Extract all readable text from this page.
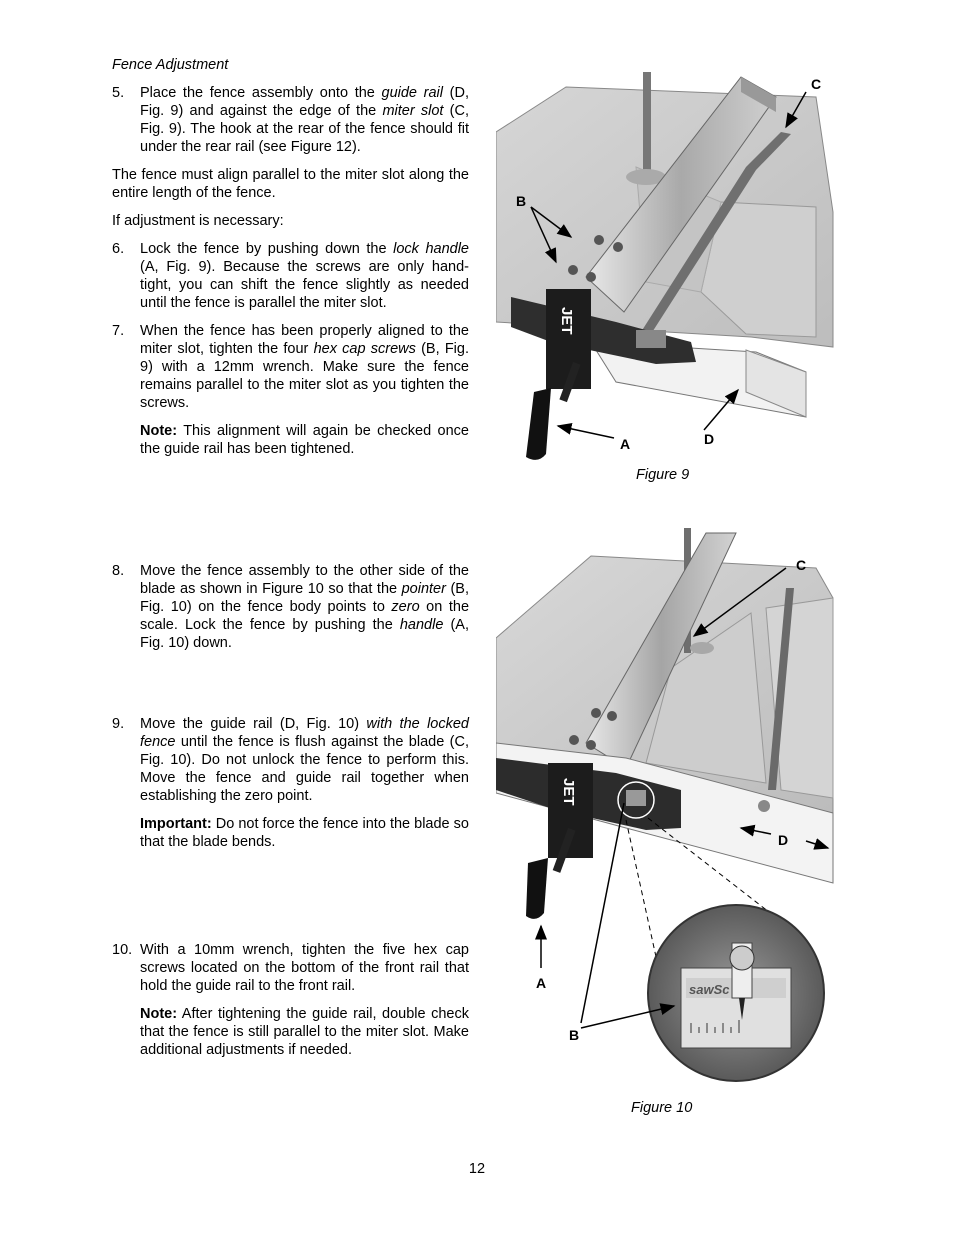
Fence Adjustment

5. Place the fence assembly onto the guide rail (D, Fig. 9) and against the edge of the miter slot (C, Fig. 9). The hook at the rear of the fence should fit under the rear rail (see Figure 12).

The fence must align parallel to the miter slot along the entire length of the fence.

If adjustment is necessary:

6. Lock the fence by pushing down the lock handle (A, Fig. 9). Because the screws are only hand-tight, you can shift the fence slightly as needed until the fence is parallel the miter slot.
7. When the fence has been properly aligned to the miter slot, tighten the four hex cap screws (B, Fig. 9) with a 12mm wrench. Make sure the fence remains parallel to the miter slot as you tighten the screws.

Note: This alignment will again be checked once the guide rail has been tightened.

8. Move the fence assembly to the other side of the blade as shown in Figure 10 so that the pointer (B, Fig. 10) on the fence body points to zero on the scale. Lock the fence by pushing the handle (A, Fig. 10) down.
9. Move the guide rail (D, Fig. 10) with the locked fence until the fence is flush against the blade (C, Fig. 10). Do not unlock the fence to perform this. Move the fence and guide rail together when establishing the zero point.

Important: Do not force the fence into the blade so that the blade bends.

10. With a 10mm wrench, tighten the five hex cap screws located on the bottom of the front rail that hold the guide rail to the front rail.

Note: After tightening the guide rail, double check that the fence is still parallel to the miter slot. Make additional adjustments if needed.

JET
B
C
A	D
Figure 9
JET
sawSc
C
D
A
B
Figure 10
12
